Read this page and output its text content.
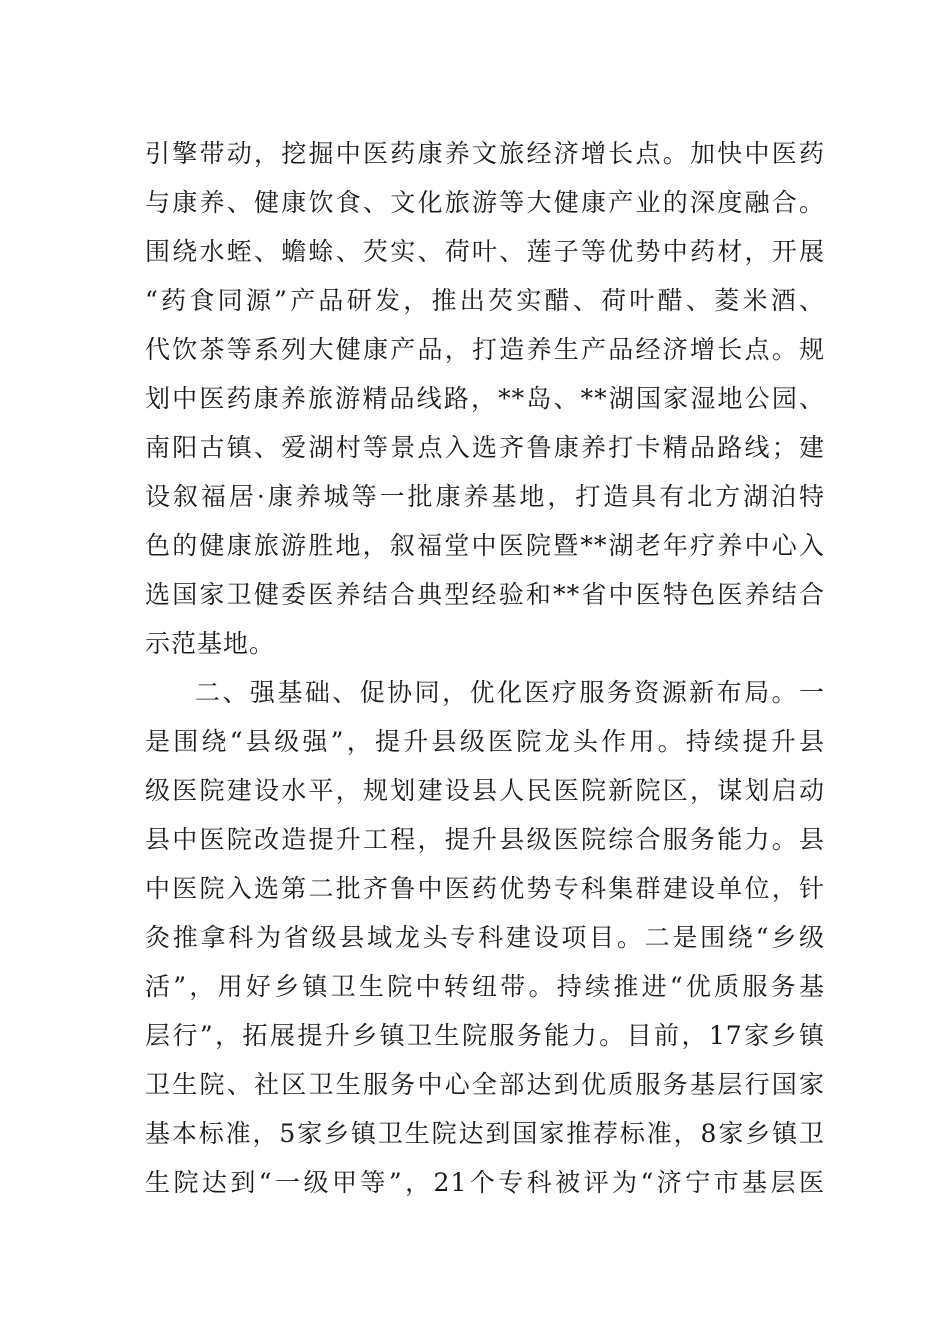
引擎带动，挖掘中医药康养文旅经济增长点。加快中医药
与康养、健康饮食、文化旅游等大健康产业的深度融合。
围绕水蛭、蟾蜍、芡实、荷叶、莲子等优势中药材，开展
“药食同源”产品研发，推出芡实醋、荷叶醋、菱米酒、
代饮茶等系列大健康产品，打造养生产品经济增长点。规
划中医药康养旅游精品线路，**岛、**湖国家湿地公园、
南阳古镇、爱湖村等景点入选齐鲁康养打卡精品路线；建
设叙福居·康养城等一批康养基地，打造具有北方湖泊特
色的健康旅游胜地，叙福堂中医院暨**湖老年疗养中心入
选国家卫健委医养结合典型经验和**省中医特色医养结合
示范基地。
二、强基础、促协同，优化医疗服务资源新布局。一
是围绕“县级强”，提升县级医院龙头作用。持续提升县
级医院建设水平，规划建设县人民医院新院区，谋划启动
县中医院改造提升工程，提升县级医院综合服务能力。县
中医院入选第二批齐鲁中医药优势专科集群建设单位，针
灸推拿科为省级县域龙头专科建设项目。二是围绕“乡级
活”，用好乡镇卫生院中转纽带。持续推进“优质服务基
层行”，拓展提升乡镇卫生院服务能力。目前，17家乡镇
卫生院、社区卫生服务中心全部达到优质服务基层行国家
基本标准，5家乡镇卫生院达到国家推荐标准，8家乡镇卫
生院达到“一级甲等”，21个专科被评为“济宁市基层医
